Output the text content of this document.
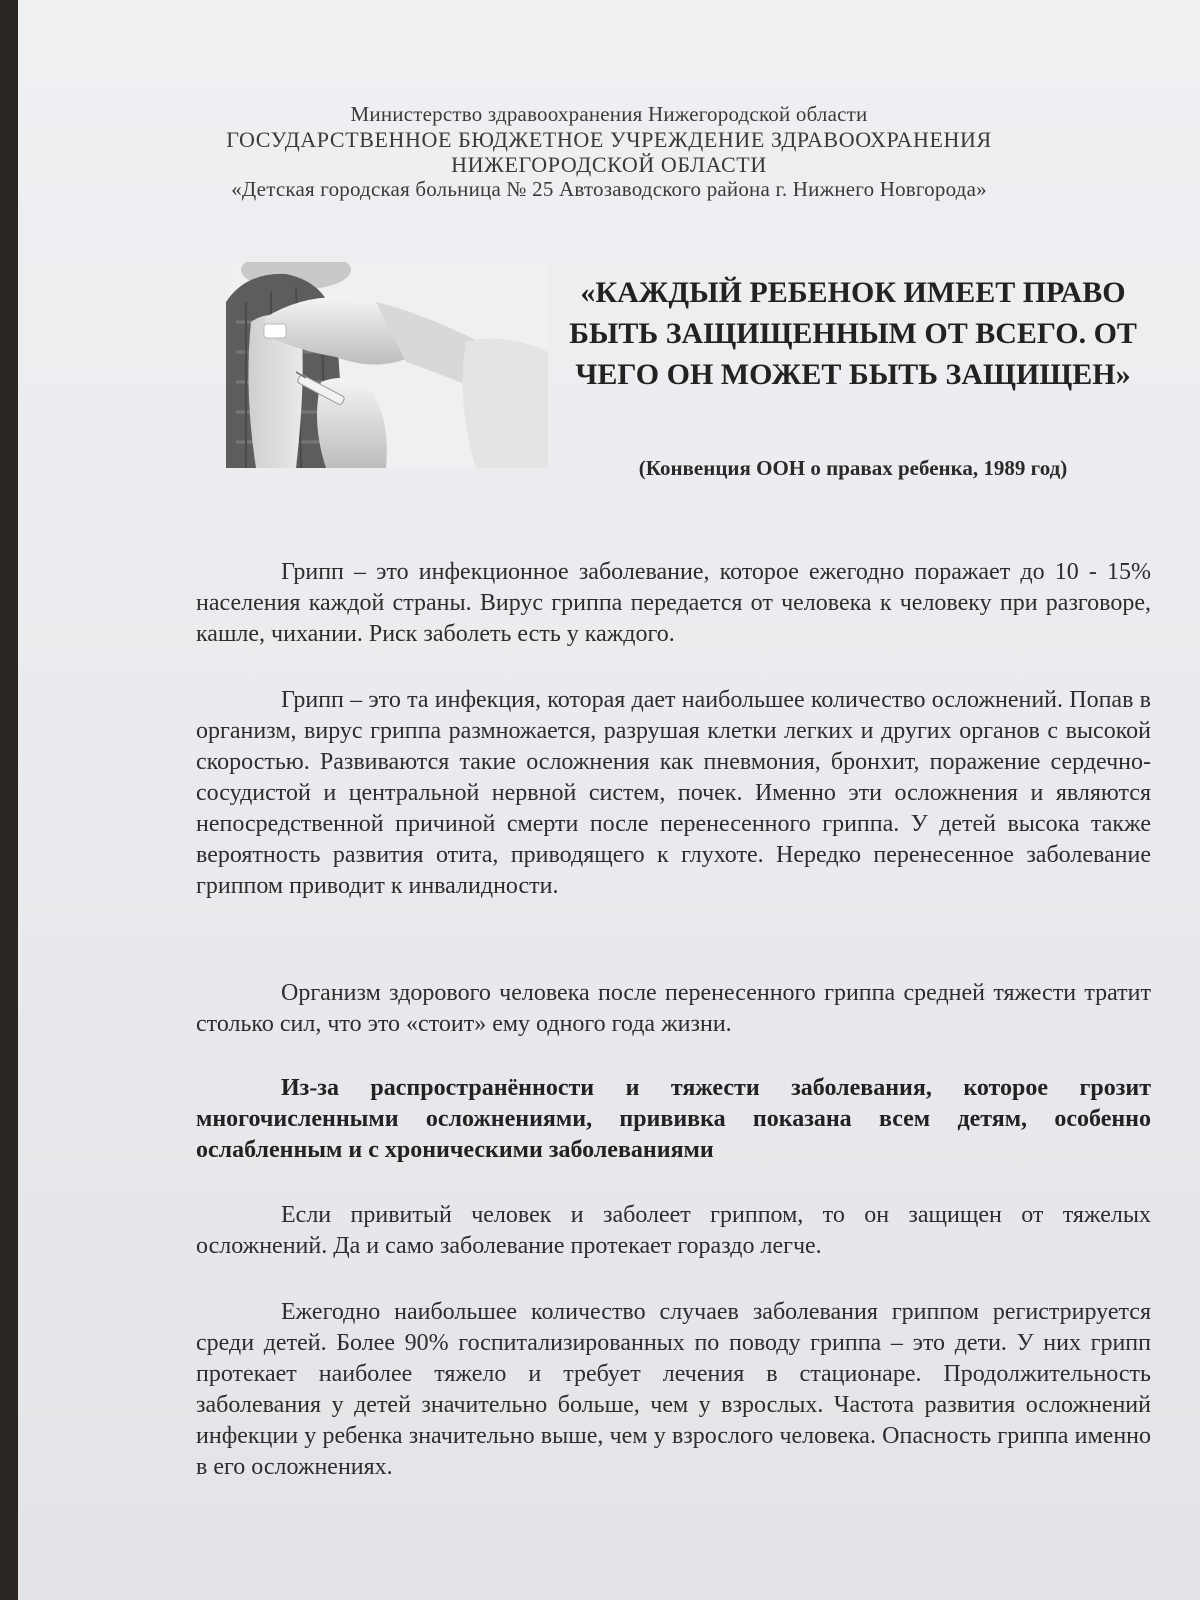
Министерство здравоохранения Нижегородской области
ГОСУДАРСТВЕННОЕ БЮДЖЕТНОЕ УЧРЕЖДЕНИЕ ЗДРАВООХРАНЕНИЯ
НИЖЕГОРОДСКОЙ ОБЛАСТИ
«Детская городская больница № 25 Автозаводского района г. Нижнего Новгорода»
«КАЖДЫЙ РЕБЕНОК ИМЕЕТ ПРАВО БЫТЬ ЗАЩИЩЕННЫМ ОТ ВСЕГО. ОТ ЧЕГО ОН МОЖЕТ БЫТЬ ЗАЩИЩЕН»
(Конвенция ООН о правах ребенка, 1989 год)

Грипп – это инфекционное заболевание, которое ежегодно поражает до 10 - 15% населения каждой страны. Вирус гриппа передается от человека к человеку при разговоре, кашле, чихании. Риск заболеть есть у каждого.

Грипп – это та инфекция, которая дает наибольшее количество осложнений. Попав в организм, вирус гриппа размножается, разрушая клетки легких и других органов с высокой скоростью. Развиваются такие осложнения как пневмония, бронхит, поражение сердечно-сосудистой и центральной нервной систем, почек. Именно эти осложнения и являются непосредственной причиной смерти после перенесенного гриппа. У детей высока также вероятность развития отита, приводящего к глухоте. Нередко перенесенное заболевание гриппом приводит к инвалидности.

Организм здорового человека после перенесенного гриппа средней тяжести тратит столько сил, что это «стоит» ему одного года жизни.

Из-за распространённости и тяжести заболевания, которое грозит многочисленными осложнениями, прививка показана всем детям, особенно ослабленным и с хроническими заболеваниями

Если привитый человек и заболеет гриппом, то он защищен от тяжелых осложнений. Да и само заболевание протекает гораздо легче.

Ежегодно наибольшее количество случаев заболевания гриппом регистрируется среди детей. Более 90% госпитализированных по поводу гриппа – это дети. У них грипп протекает наиболее тяжело и требует лечения в стационаре. Продолжительность заболевания у детей значительно больше, чем у взрослых. Частота развития осложнений инфекции у ребенка значительно выше, чем у взрослого человека. Опасность гриппа именно в его осложнениях.
